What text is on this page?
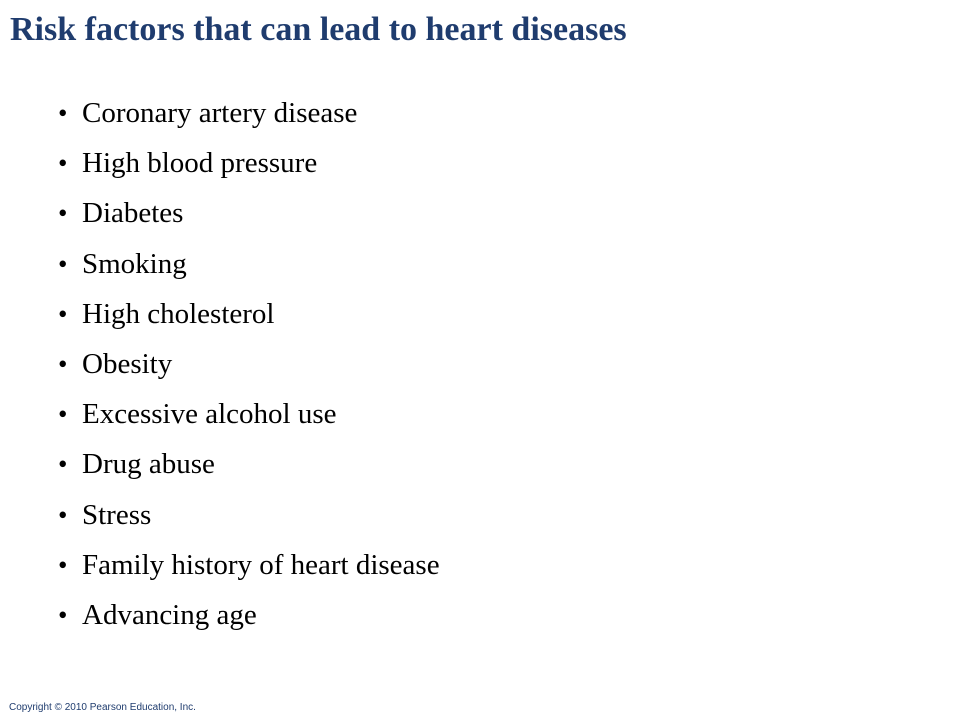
Risk factors that can lead to heart diseases
• Coronary artery disease
• High blood pressure
• Diabetes
• Smoking
• High cholesterol
• Obesity
• Excessive alcohol use
• Drug abuse
• Stress
• Family history of heart disease
• Advancing age
Copyright © 2010 Pearson Education, Inc.
